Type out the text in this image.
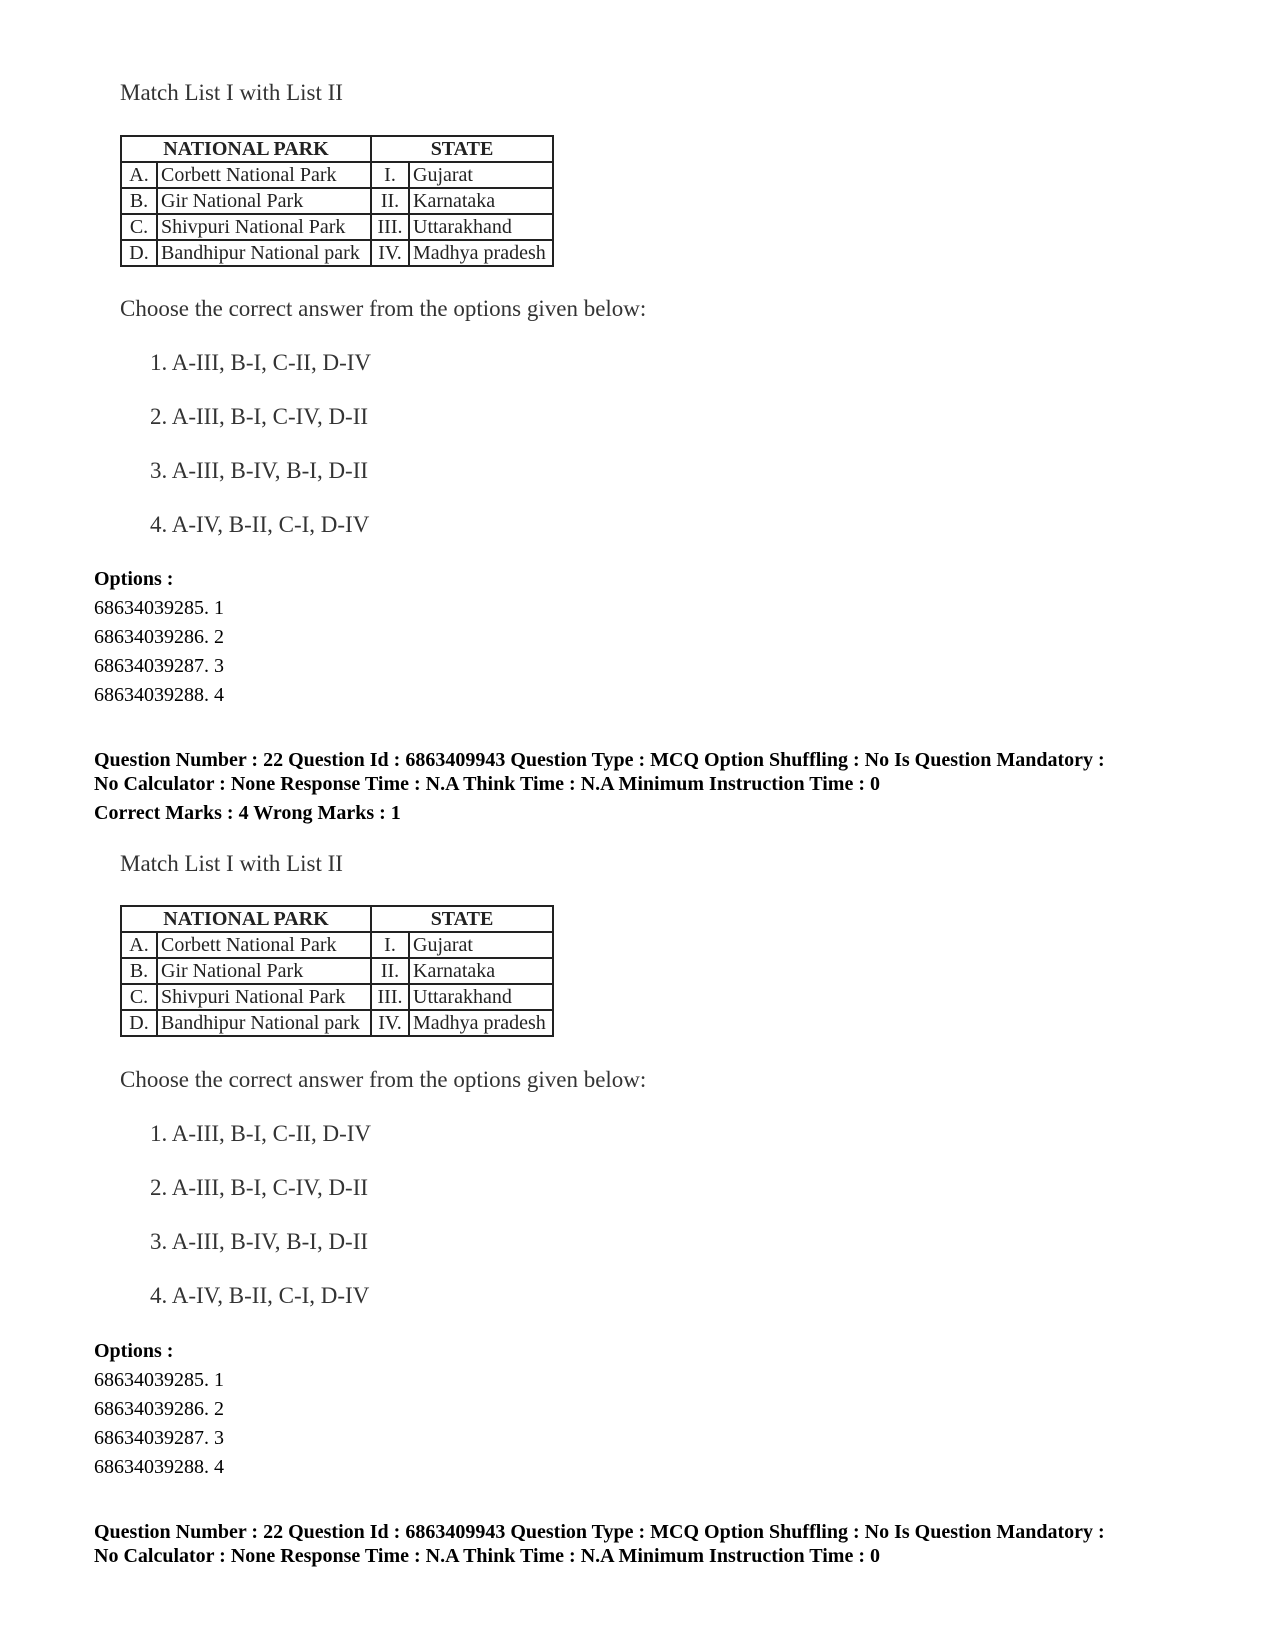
Match List I with List II
NATIONAL PARK		STATE	
A.	Corbett National Park	I.	Gujarat
B.	Gir National Park	II.	Karnataka
C.	Shivpuri National Park	III.	Uttarakhand
D.	Bandhipur National park	IV.	Madhya pradesh
Choose the correct answer from the options given below:
1. A-III, B-I, C-II, D-IV
2. A-III, B-I, C-IV, D-II
3. A-III, B-IV, B-I, D-II
4. A-IV, B-II, C-I, D-IV
Options :
68634039285. 1
68634039286. 2
68634039287. 3
68634039288. 4
Question Number : 22 Question Id : 6863409943 Question Type : MCQ Option Shuffling : No Is Question Mandatory :
No Calculator : None Response Time : N.A Think Time : N.A Minimum Instruction Time : 0
Correct Marks : 4 Wrong Marks : 1
Match List I with List II
NATIONAL PARK		STATE	
A.	Corbett National Park	I.	Gujarat
B.	Gir National Park	II.	Karnataka
C.	Shivpuri National Park	III.	Uttarakhand
D.	Bandhipur National park	IV.	Madhya pradesh
Choose the correct answer from the options given below:
1. A-III, B-I, C-II, D-IV
2. A-III, B-I, C-IV, D-II
3. A-III, B-IV, B-I, D-II
4. A-IV, B-II, C-I, D-IV
Options :
68634039285. 1
68634039286. 2
68634039287. 3
68634039288. 4
Question Number : 22 Question Id : 6863409943 Question Type : MCQ Option Shuffling : No Is Question Mandatory :
No Calculator : None Response Time : N.A Think Time : N.A Minimum Instruction Time : 0
